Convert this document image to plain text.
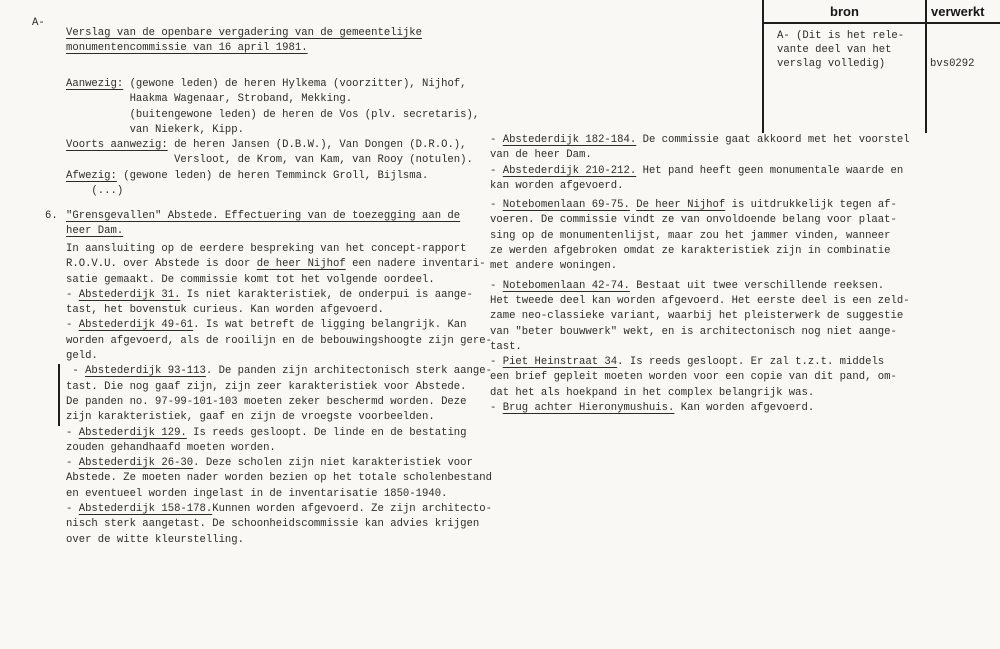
A-
Verslag van de openbare vergadering van de gemeentelijke
monumentencommissie van 16 april 1981.
Aanwezig: (gewone leden) de heren Hylkema (voorzitter), Nijhof,
Haakma Wagenaar, Stroband, Mekking.
(buitengewone leden) de heren de Vos (plv. secretaris),
van Niekerk, Kipp.
Voorts aanwezig: de heren Jansen (D.B.W.), Van Dongen (D.R.O.),
Versloot, de Krom, van Kam, van Rooy (notulen).
Afwezig: (gewone leden) de heren Temminck Groll, Bijlsma.
(...)
6. "Grensgevallen" Abstede. Effectuering van de toezegging aan de
heer Dam.
In aansluiting op de eerdere bespreking van het concept-rapport
R.O.V.U. over Abstede is door de heer Nijhof een nadere inventari-
satie gemaakt. De commissie komt tot het volgende oordeel.
- Abstederdijk 31. Is niet karakteristiek, de onderpui is aange-
tast, het bovenstuk curieus. Kan worden afgevoerd.
- Abstederdijk 49-61. Is wat betreft de ligging belangrijk. Kan
worden afgevoerd, als de rooilijn en de bebouwingshoogte zijn gere-
geld.
- Abstederdijk 93-113. De panden zijn architectonisch sterk aange-
tast. Die nog gaaf zijn, zijn zeer karakteristiek voor Abstede.
De panden no. 97-99-101-103 moeten zeker beschermd worden. Deze
zijn karakteristiek, gaaf en zijn de vroegste voorbeelden.
- Abstederdijk 129. Is reeds gesloopt. De linde en de bestating
zouden gehandhaafd moeten worden.
- Abstederdijk 26-30. Deze scholen zijn niet karakteristiek voor
Abstede. Ze moeten nader worden bezien op het totale scholenbestand
en eventueel worden ingelast in de inventarisatie 1850-1940.
- Abstederdijk 158-178.Kunnen worden afgevoerd. Ze zijn architecto-
nisch sterk aangetast. De schoonheidscommissie kan advies krijgen
over de witte kleurstelling.
- Abstederdijk 182-184. De commissie gaat akkoord met het voorstel
van de heer Dam.
- Abstederdijk 210-212. Het pand heeft geen monumentale waarde en
kan worden afgevoerd.
- Notebomenlaan 69-75. De heer Nijhof is uitdrukkelijk tegen af-
voeren. De commissie vindt ze van onvoldoende belang voor plaat-
sing op de monumentenlijst, maar zou het jammer vinden, wanneer
ze werden afgebroken omdat ze karakteristiek zijn in combinatie
met andere woningen.
- Notebomenlaan 42-74. Bestaat uit twee verschillende reeksen.
Het tweede deel kan worden afgevoerd. Het eerste deel is een zeld-
zame neo-classieke variant, waarbij het pleisterwerk de suggestie
van "beter bouwwerk" wekt, en is architectonisch nog niet aange-
tast.
- Piet Heinstraat 34. Is reeds gesloopt. Er zal t.z.t. middels
een brief gepleit moeten worden voor een copie van dit pand, om-
dat het als hoekpand in het complex belangrijk was.
- Brug achter Hieronymushuis. Kan worden afgevoerd.
bron	verwerkt
A- (Dit is het rele-
vante deel van het
verslag volledig)	bvs0292
